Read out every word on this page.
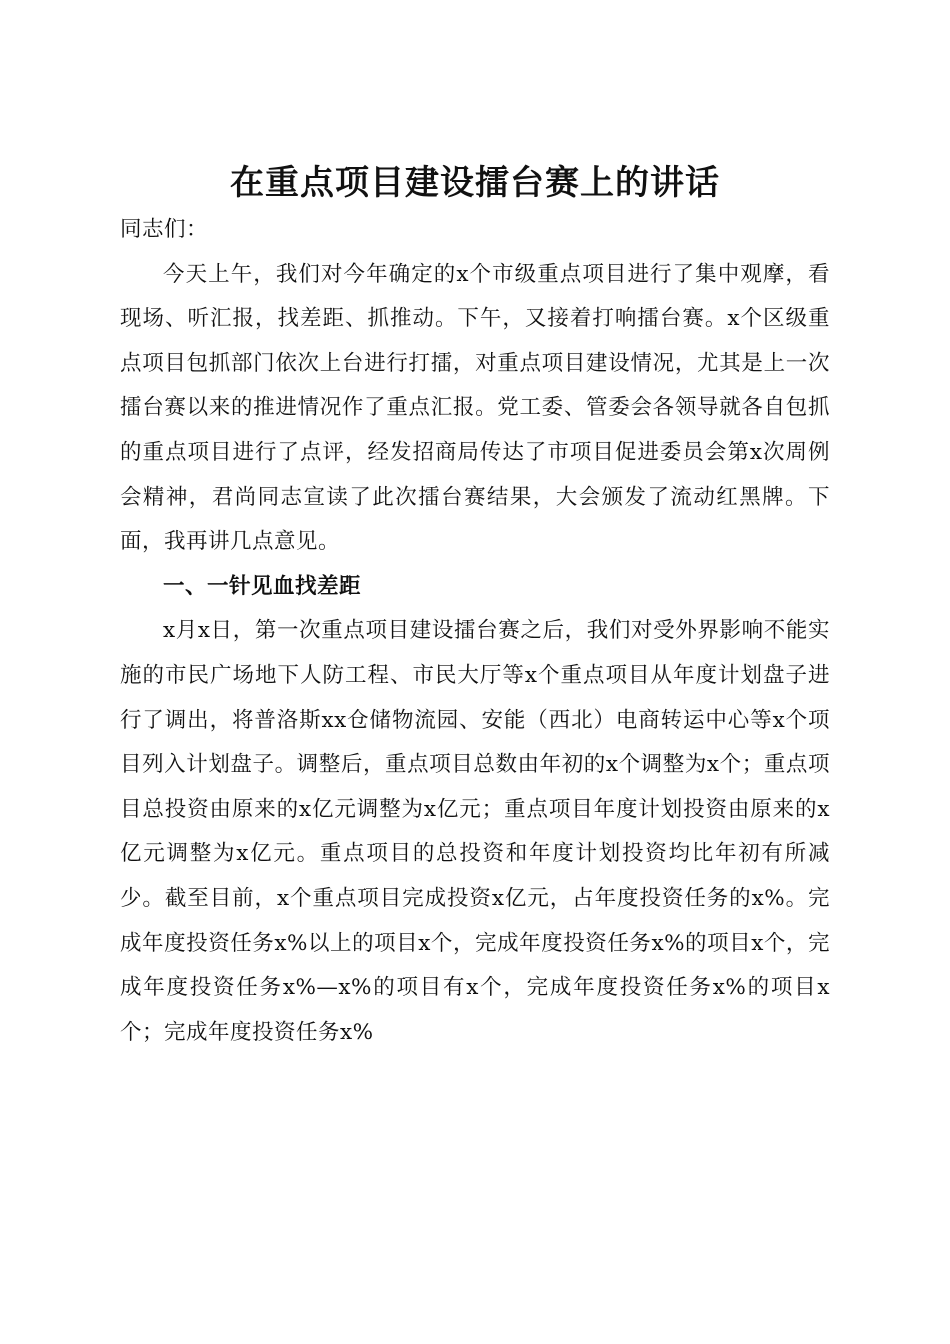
在重点项目建设擂台赛上的讲话

同志们：

今天上午，我们对今年确定的x个市级重点项目进行了集中观摩，看现场、听汇报，找差距、抓推动。下午，又接着打响擂台赛。x个区级重点项目包抓部门依次上台进行打擂，对重点项目建设情况，尤其是上一次擂台赛以来的推进情况作了重点汇报。党工委、管委会各领导就各自包抓的重点项目进行了点评，经发招商局传达了市项目促进委员会第x次周例会精神，君尚同志宣读了此次擂台赛结果，大会颁发了流动红黑牌。下面，我再讲几点意见。

一、一针见血找差距

x月x日，第一次重点项目建设擂台赛之后，我们对受外界影响不能实施的市民广场地下人防工程、市民大厅等x个重点项目从年度计划盘子进行了调出，将普洛斯xx仓储物流园、安能（西北）电商转运中心等x个项目列入计划盘子。调整后，重点项目总数由年初的x个调整为x个；重点项目总投资由原来的x亿元调整为x亿元；重点项目年度计划投资由原来的x亿元调整为x亿元。重点项目的总投资和年度计划投资均比年初有所减少。截至目前，x个重点项目完成投资x亿元，占年度投资任务的x%。完成年度投资任务x%以上的项目x个，完成年度投资任务x%的项目x个，完成年度投资任务x%—x%的项目有x个，完成年度投资任务x%的项目x个；完成年度投资任务x%
